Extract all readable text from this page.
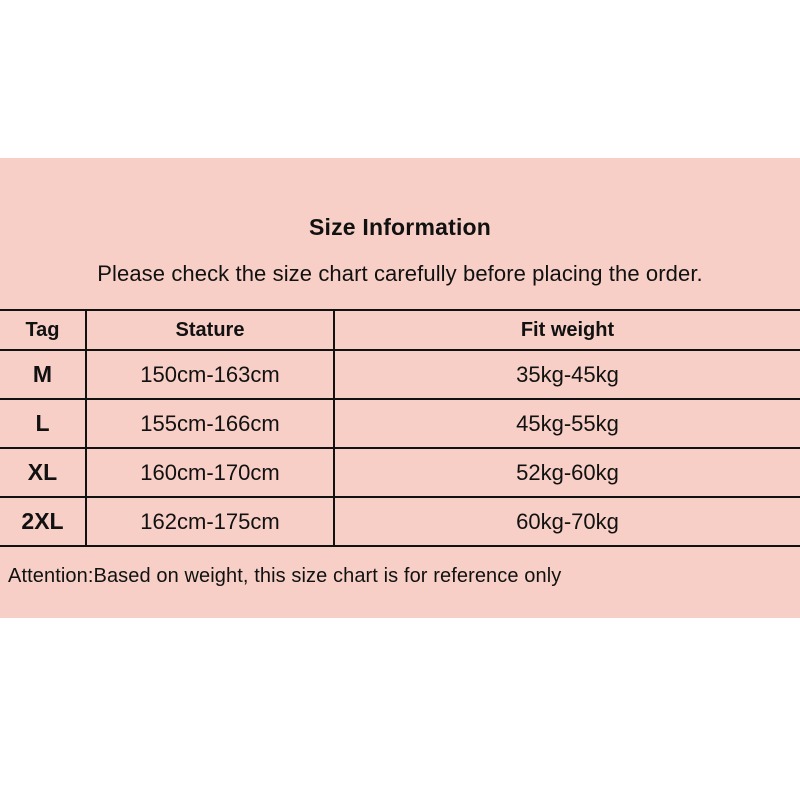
Size Information
Please check the size chart carefully before placing the order.
Tag	Stature	Fit weight
M	150cm-163cm	35kg-45kg
L	155cm-166cm	45kg-55kg
XL	160cm-170cm	52kg-60kg
2XL	162cm-175cm	60kg-70kg
Attention:Based on weight, this size chart is for reference only
